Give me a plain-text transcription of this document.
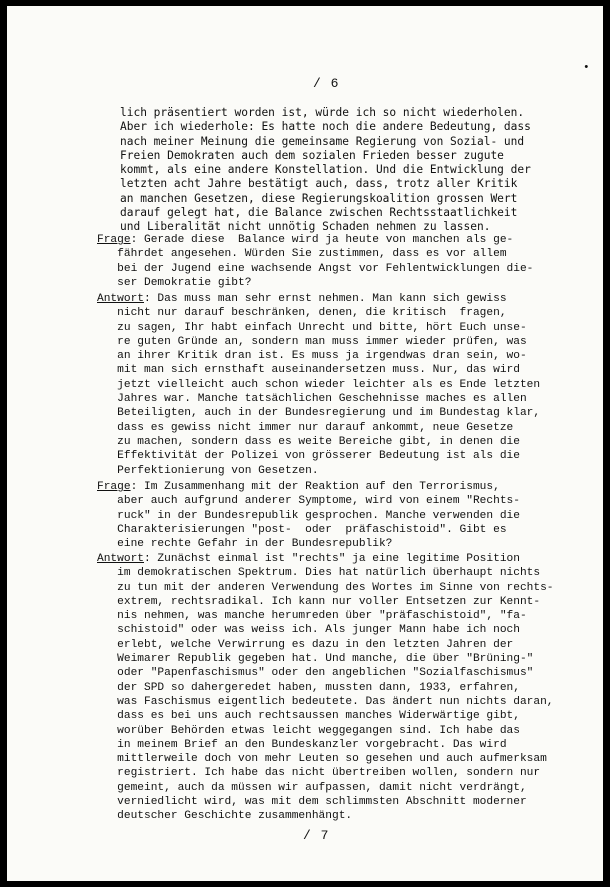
/ 6
•
lich präsentiert worden ist, würde ich so nicht wiederholen.
Aber ich wiederhole: Es hatte noch die andere Bedeutung, dass
nach meiner Meinung die gemeinsame Regierung von Sozial- und
Freien Demokraten auch dem sozialen Frieden besser zugute
kommt, als eine andere Konstellation. Und die Entwicklung der
letzten acht Jahre bestätigt auch, dass, trotz aller Kritik
an manchen Gesetzen, diese Regierungskoalition grossen Wert
darauf gelegt hat, die Balance zwischen Rechtsstaatlichkeit
und Liberalität nicht unnötig Schaden nehmen zu lassen.

Frage: Gerade diese  Balance wird ja heute von manchen als ge-

fährdet angesehen. Würden Sie zustimmen, dass es vor allem

bei der Jugend eine wachsende Angst vor Fehlentwicklungen die-

ser Demokratie gibt?

Antwort: Das muss man sehr ernst nehmen. Man kann sich gewiss

nicht nur darauf beschränken, denen, die kritisch  fragen,

zu sagen, Ihr habt einfach Unrecht und bitte, hört Euch unse-

re guten Gründe an, sondern man muss immer wieder prüfen, was

an ihrer Kritik dran ist. Es muss ja irgendwas dran sein, wo-

mit man sich ernsthaft auseinandersetzen muss. Nur, das wird

jetzt vielleicht auch schon wieder leichter als es Ende letzten

Jahres war. Manche tatsächlichen Geschehnisse maches es allen

Beteiligten, auch in der Bundesregierung und im Bundestag klar,

dass es gewiss nicht immer nur darauf ankommt, neue Gesetze

zu machen, sondern dass es weite Bereiche gibt, in denen die

Effektivität der Polizei von grösserer Bedeutung ist als die

Perfektionierung von Gesetzen.

Frage: Im Zusammenhang mit der Reaktion auf den Terrorismus,

aber auch aufgrund anderer Symptome, wird von einem "Rechts-

ruck" in der Bundesrepublik gesprochen. Manche verwenden die

Charakterisierungen "post-  oder  präfaschistoid". Gibt es

eine rechte Gefahr in der Bundesrepublik?

Antwort: Zunächst einmal ist "rechts" ja eine legitime Position

im demokratischen Spektrum. Dies hat natürlich überhaupt nichts

zu tun mit der anderen Verwendung des Wortes im Sinne von rechts-

extrem, rechtsradikal. Ich kann nur voller Entsetzen zur Kennt-

nis nehmen, was manche herumreden über "präfaschistoid", "fa-

schistoid" oder was weiss ich. Als junger Mann habe ich noch

erlebt, welche Verwirrung es dazu in den letzten Jahren der

Weimarer Republik gegeben hat. Und manche, die über "Brüning-"

oder "Papenfaschismus" oder den angeblichen "Sozialfaschismus"

der SPD so dahergeredet haben, mussten dann, 1933, erfahren,

was Faschismus eigentlich bedeutete. Das ändert nun nichts daran,

dass es bei uns auch rechtsaussen manches Widerwärtige gibt,

worüber Behörden etwas leicht weggegangen sind. Ich habe das

in meinem Brief an den Bundeskanzler vorgebracht. Das wird

mittlerweile doch von mehr Leuten so gesehen und auch aufmerksam

registriert. Ich habe das nicht übertreiben wollen, sondern nur

gemeint, auch da müssen wir aufpassen, damit nicht verdrängt,

verniedlicht wird, was mit dem schlimmsten Abschnitt moderner

deutscher Geschichte zusammenhängt.

/ 7
